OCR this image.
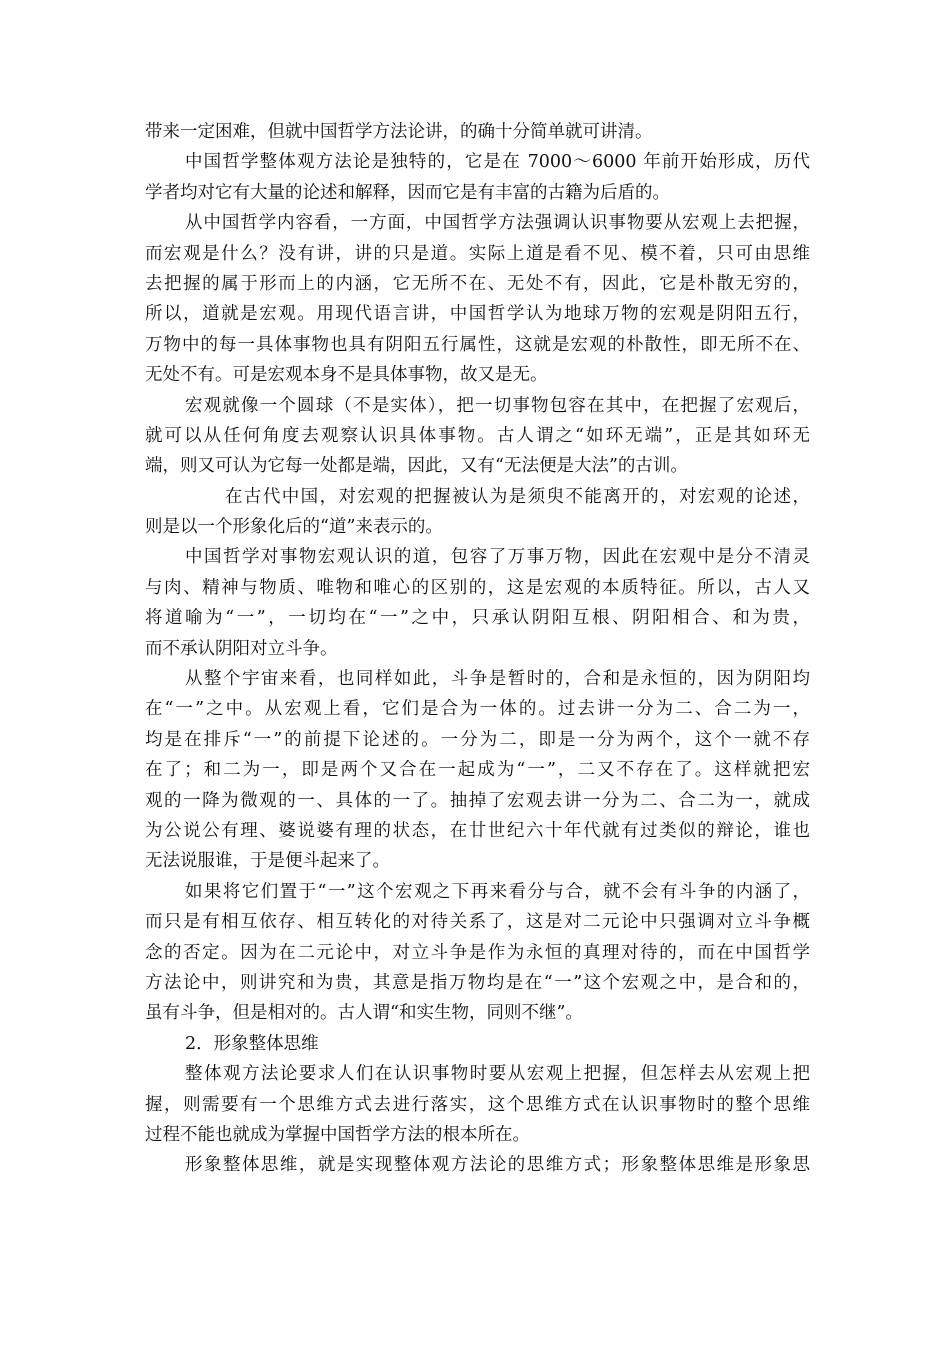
带来一定困难，但就中国哲学方法论讲，的确十分简单就可讲清。
中国哲学整体观方法论是独特的，它是在 7000～6000 年前开始形成，历代
学者均对它有大量的论述和解释，因而它是有丰富的古籍为后盾的。
从中国哲学内容看，一方面，中国哲学方法强调认识事物要从宏观上去把握，
而宏观是什么？没有讲，讲的只是道。实际上道是看不见、模不着，只可由思维
去把握的属于形而上的内涵，它无所不在、无处不有，因此，它是朴散无穷的，
所以，道就是宏观。用现代语言讲，中国哲学认为地球万物的宏观是阴阳五行，
万物中的每一具体事物也具有阴阳五行属性，这就是宏观的朴散性，即无所不在、
无处不有。可是宏观本身不是具体事物，故又是无。
宏观就像一个圆球（不是实体），把一切事物包容在其中，在把握了宏观后，
就可以从任何角度去观察认识具体事物。古人谓之“如环无端”，正是其如环无
端，则又可认为它每一处都是端，因此，又有“无法便是大法”的古训。
在古代中国，对宏观的把握被认为是须臾不能离开的，对宏观的论述，
则是以一个形象化后的“道”来表示的。
中国哲学对事物宏观认识的道，包容了万事万物，因此在宏观中是分不清灵
与肉、精神与物质、唯物和唯心的区别的，这是宏观的本质特征。所以，古人又
将道喻为“一”，一切均在“一”之中，只承认阴阳互根、阴阳相合、和为贵，
而不承认阴阳对立斗争。
从整个宇宙来看，也同样如此，斗争是暂时的，合和是永恒的，因为阴阳均
在“一”之中。从宏观上看，它们是合为一体的。过去讲一分为二、合二为一，
均是在排斥“一”的前提下论述的。一分为二，即是一分为两个，这个一就不存
在了；和二为一，即是两个又合在一起成为“一”，二又不存在了。这样就把宏
观的一降为微观的一、具体的一了。抽掉了宏观去讲一分为二、合二为一，就成
为公说公有理、婆说婆有理的状态，在廿世纪六十年代就有过类似的辩论，谁也
无法说服谁，于是便斗起来了。
如果将它们置于“一”这个宏观之下再来看分与合，就不会有斗争的内涵了，
而只是有相互依存、相互转化的对待关系了，这是对二元论中只强调对立斗争概
念的否定。因为在二元论中，对立斗争是作为永恒的真理对待的，而在中国哲学
方法论中，则讲究和为贵，其意是指万物均是在“一”这个宏观之中，是合和的，
虽有斗争，但是相对的。古人谓“和实生物，同则不继”。
2．形象整体思维
整体观方法论要求人们在认识事物时要从宏观上把握，但怎样去从宏观上把
握，则需要有一个思维方式去进行落实，这个思维方式在认识事物时的整个思维
过程不能也就成为掌握中国哲学方法的根本所在。
形象整体思维，就是实现整体观方法论的思维方式；形象整体思维是形象思
